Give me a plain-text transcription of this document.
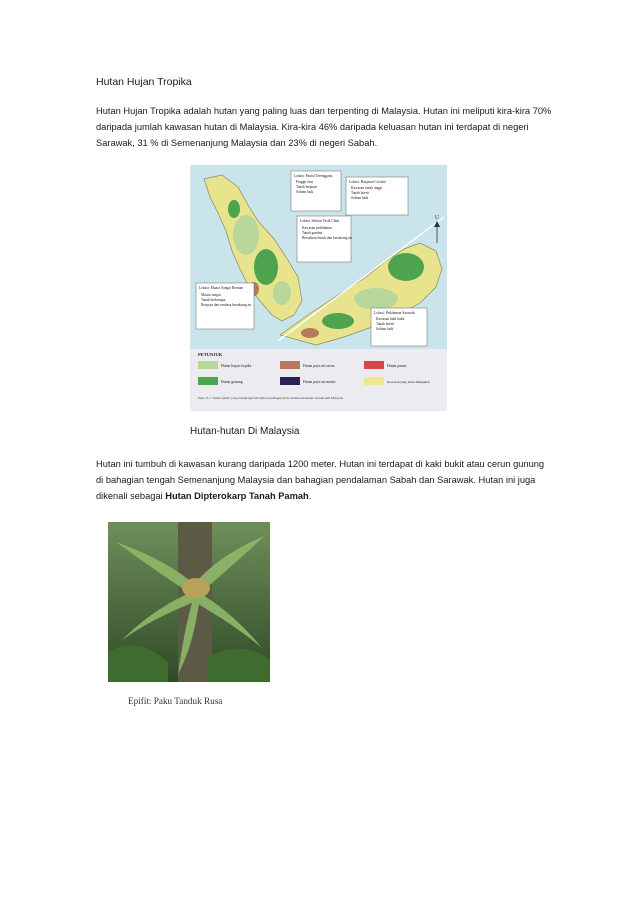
Hutan Hujan Tropika

Hutan Hujan Tropika adalah hutan yang paling luas dan terpenting di Malaysia. Hutan ini meliputi kira-kira 70% daripada jumlah kawasan hutan di Malaysia. Kira-kira 46% daripada keluasan hutan ini terdapat di negeri Sarawak, 31 % di Semenanjung Malaysia dan 23% di negeri Sabah.

U
Lokasi: Pantai Terengganu Pinggir laut Tanah berpasir Saliran baik
Lokasi: Banjaran Crocker Kawasan tanah tinggi Tanah laterit Saliran baik
Lokasi: Sekitar Tasik Chini Kawasan pedalaman Tanah gambut Bersaliran buruk dan bertakung air
Lokasi: Muara Sungai Bernam Muara sungai Tanah berlumpur Berpaya dan sentiasa bertakung air
Lokasi: Pedalaman Sarawak Kawasan kaki bukit Tanah laterit Saliran baik
PETUNJUK
Hutan hujan tropika	Hutan paya air tawar	Hutan pantai
Hutan gunung	Hutan paya air masin	Kawasan yang telah dimajukan
Peta 13.1: Faktor-faktor yang mempengaruhi taburan pelbagai jenis tumbuh-tumbuhan semula jadi Malaysia.
Hutan-hutan Di Malaysia

Hutan ini tumbuh di kawasan kurang daripada 1200 meter. Hutan ini terdapat di kaki bukit atau cerun gunung di bahagian tengah Semenanjung Malaysia dan bahagian pendalaman Sabah dan Sarawak. Hutan ini juga dikenali sebagai Hutan Dipterokarp Tanah Pamah.

Epifit: Paku Tanduk Rusa
